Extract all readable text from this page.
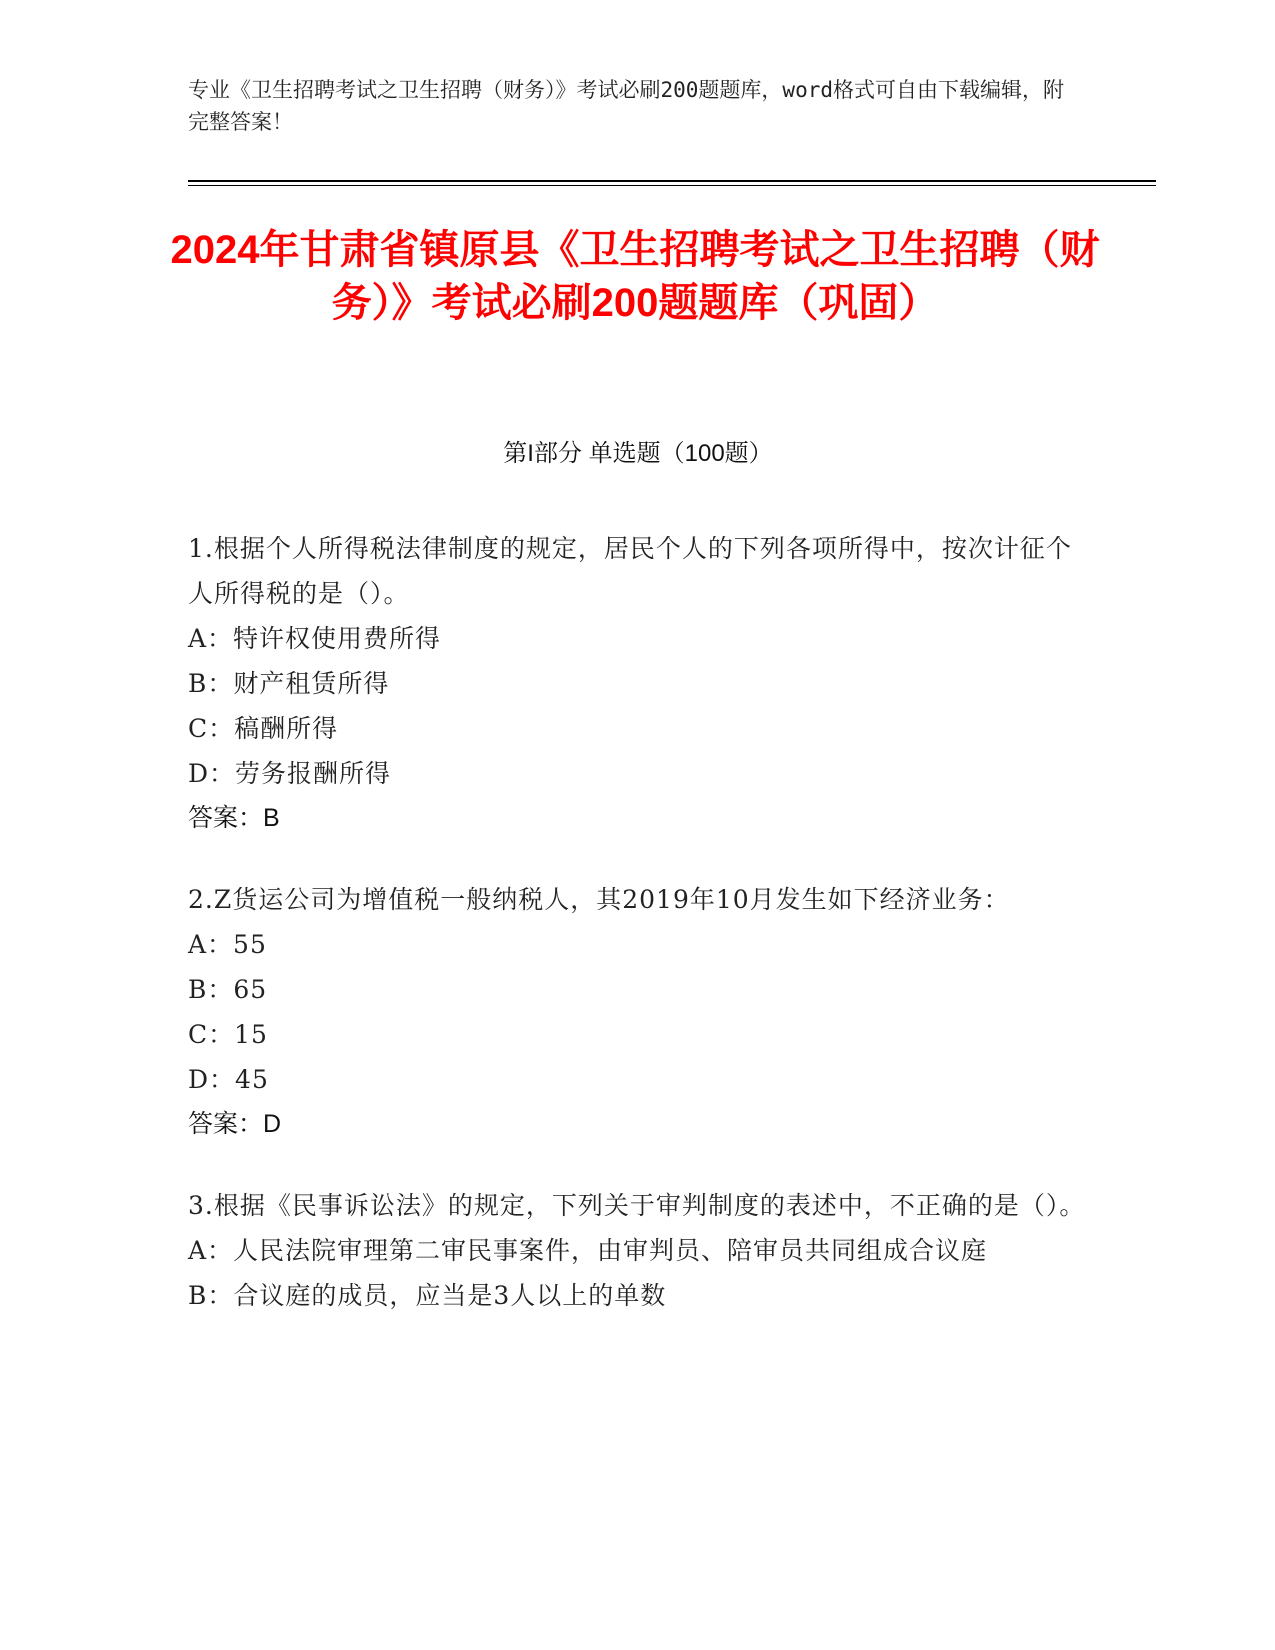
专业《卫生招聘考试之卫生招聘（财务）》考试必刷200题题库，word格式可自由下载编辑，附完整答案！
2024年甘肃省镇原县《卫生招聘考试之卫生招聘（财务）》考试必刷200题题库（巩固）
第I部分 单选题（100题）
1.根据个人所得税法律制度的规定，居民个人的下列各项所得中，按次计征个人所得税的是（）。
A：特许权使用费所得
B：财产租赁所得
C：稿酬所得
D：劳务报酬所得
答案：B
2.Z货运公司为增值税一般纳税人，其2019年10月发生如下经济业务：
A：55
B：65
C：15
D：45
答案：D
3.根据《民事诉讼法》的规定，下列关于审判制度的表述中，不正确的是（）。
A：人民法院审理第二审民事案件，由审判员、陪审员共同组成合议庭
B：合议庭的成员，应当是3人以上的单数
